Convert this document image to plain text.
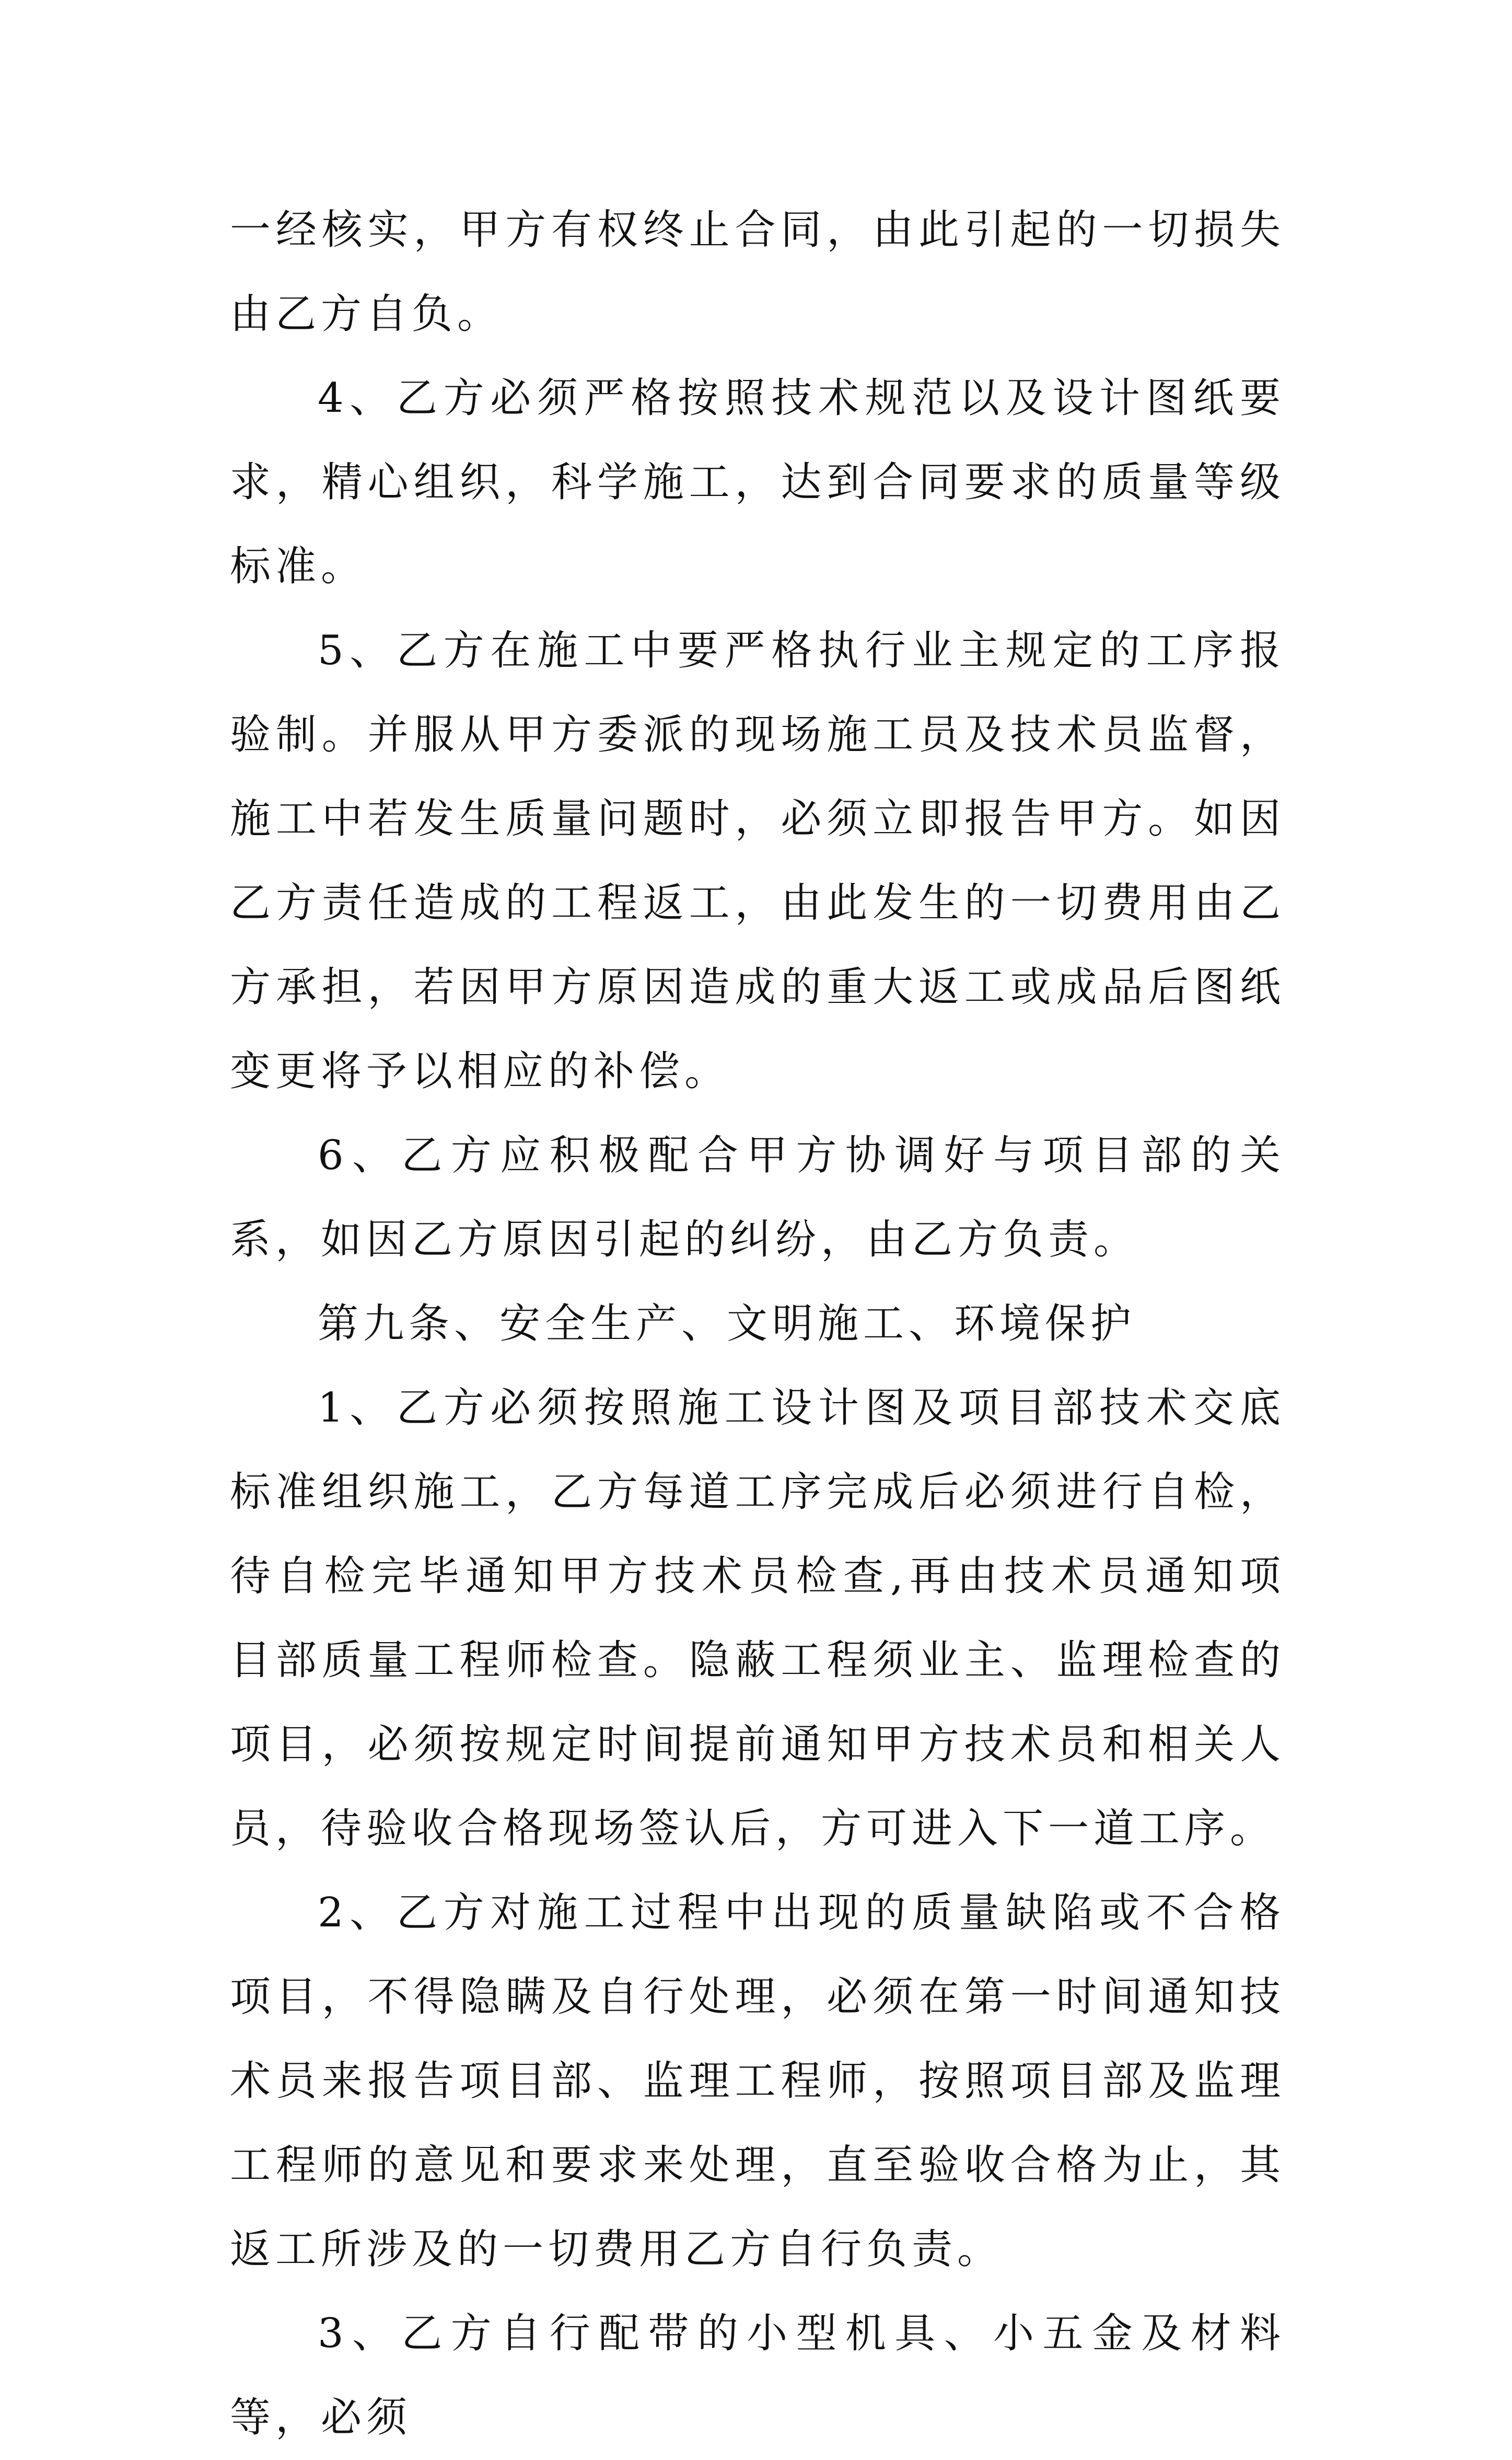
一经核实，甲方有权终止合同，由此引起的一切损失由乙方自负。

4、乙方必须严格按照技术规范以及设计图纸要求，精心组织，科学施工，达到合同要求的质量等级标准。

5、乙方在施工中要严格执行业主规定的工序报验制。并服从甲方委派的现场施工员及技术员监督，施工中若发生质量问题时，必须立即报告甲方。如因乙方责任造成的工程返工，由此发生的一切费用由乙方承担，若因甲方原因造成的重大返工或成品后图纸变更将予以相应的补偿。

6、乙方应积极配合甲方协调好与项目部的关系，如因乙方原因引起的纠纷，由乙方负责。

第九条、安全生产、文明施工、环境保护

1、乙方必须按照施工设计图及项目部技术交底标准组织施工，乙方每道工序完成后必须进行自检，待自检完毕通知甲方技术员检查,再由技术员通知项目部质量工程师检查。隐蔽工程须业主、监理检查的项目，必须按规定时间提前通知甲方技术员和相关人员，待验收合格现场签认后，方可进入下一道工序。

2、乙方对施工过程中出现的质量缺陷或不合格项目，不得隐瞒及自行处理，必须在第一时间通知技术员来报告项目部、监理工程师，按照项目部及监理工程师的意见和要求来处理，直至验收合格为止，其返工所涉及的一切费用乙方自行负责。

3、乙方自行配带的小型机具、小五金及材料等，必须
